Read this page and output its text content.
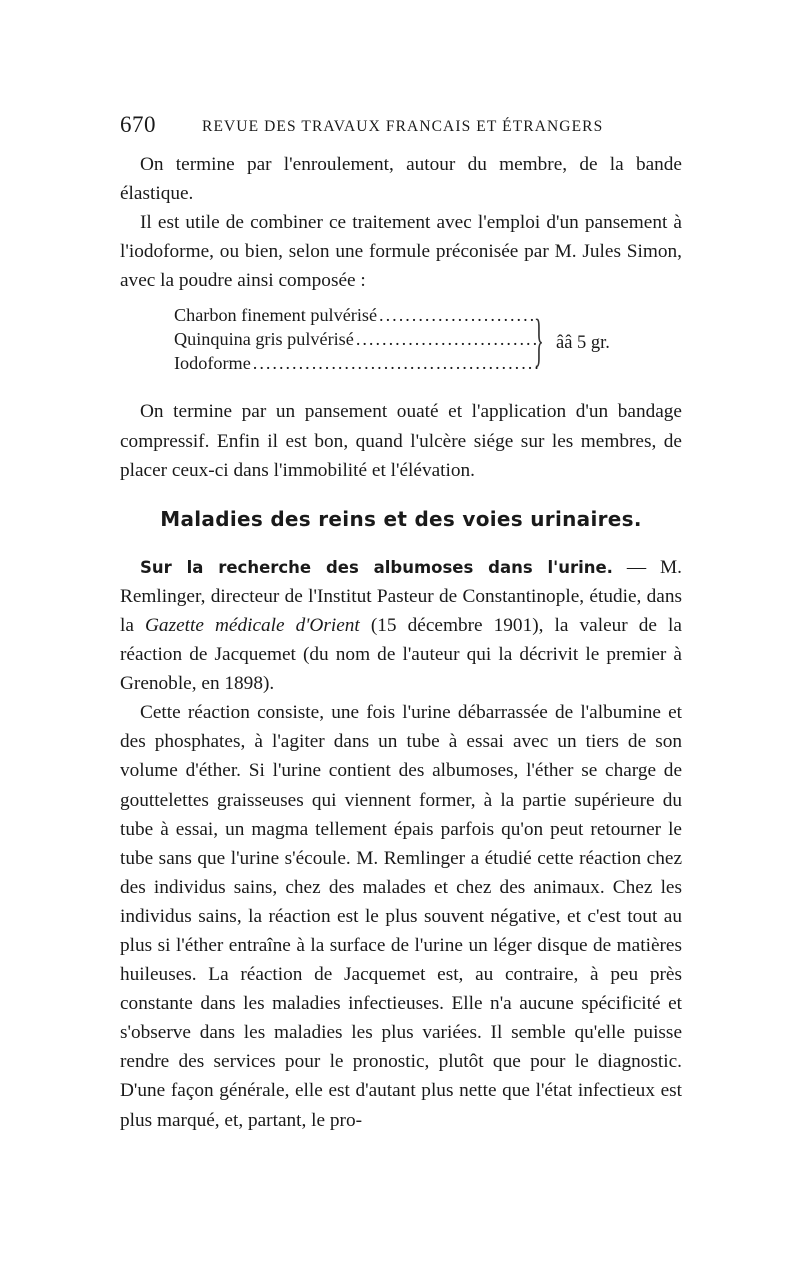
670	REVUE DES TRAVAUX FRANCAIS ET ÉTRANGERS

On termine par l'enroulement, autour du membre, de la bande élastique.

Il est utile de combiner ce traitement avec l'emploi d'un pansement à l'iodoforme, ou bien, selon une formule préconisée par M. Jules Simon, avec la poudre ainsi composée :

Charbon finement pulvérisé
.....
Quinquina gris pulvérisé
.....
Iodoforme
.....	} ââ 5 gr.

On termine par un pansement ouaté et l'application d'un bandage compressif. Enfin il est bon, quand l'ulcère siége sur les membres, de placer ceux-ci dans l'immobilité et l'élévation.

Maladies des reins et des voies urinaires.

Sur la recherche des albumoses dans l'urine. — M. Remlinger, directeur de l'Institut Pasteur de Constantinople, étudie, dans la Gazette médicale d'Orient (15 décembre 1901), la valeur de la réaction de Jacquemet (du nom de l'auteur qui la décrivit le premier à Grenoble, en 1898).

Cette réaction consiste, une fois l'urine débarrassée de l'albumine et des phosphates, à l'agiter dans un tube à essai avec un tiers de son volume d'éther. Si l'urine contient des albumoses, l'éther se charge de gouttelettes graisseuses qui viennent former, à la partie supérieure du tube à essai, un magma tellement épais parfois qu'on peut retourner le tube sans que l'urine s'écoule. M. Remlinger a étudié cette réaction chez des individus sains, chez des malades et chez des animaux. Chez les individus sains, la réaction est le plus souvent négative, et c'est tout au plus si l'éther entraîne à la surface de l'urine un léger disque de matières huileuses. La réaction de Jacquemet est, au contraire, à peu près constante dans les maladies infectieuses. Elle n'a aucune spécificité et s'observe dans les maladies les plus variées. Il semble qu'elle puisse rendre des services pour le pronostic, plutôt que pour le diagnostic. D'une façon générale, elle est d'autant plus nette que l'état infectieux est plus marqué, et, partant, le pro-
